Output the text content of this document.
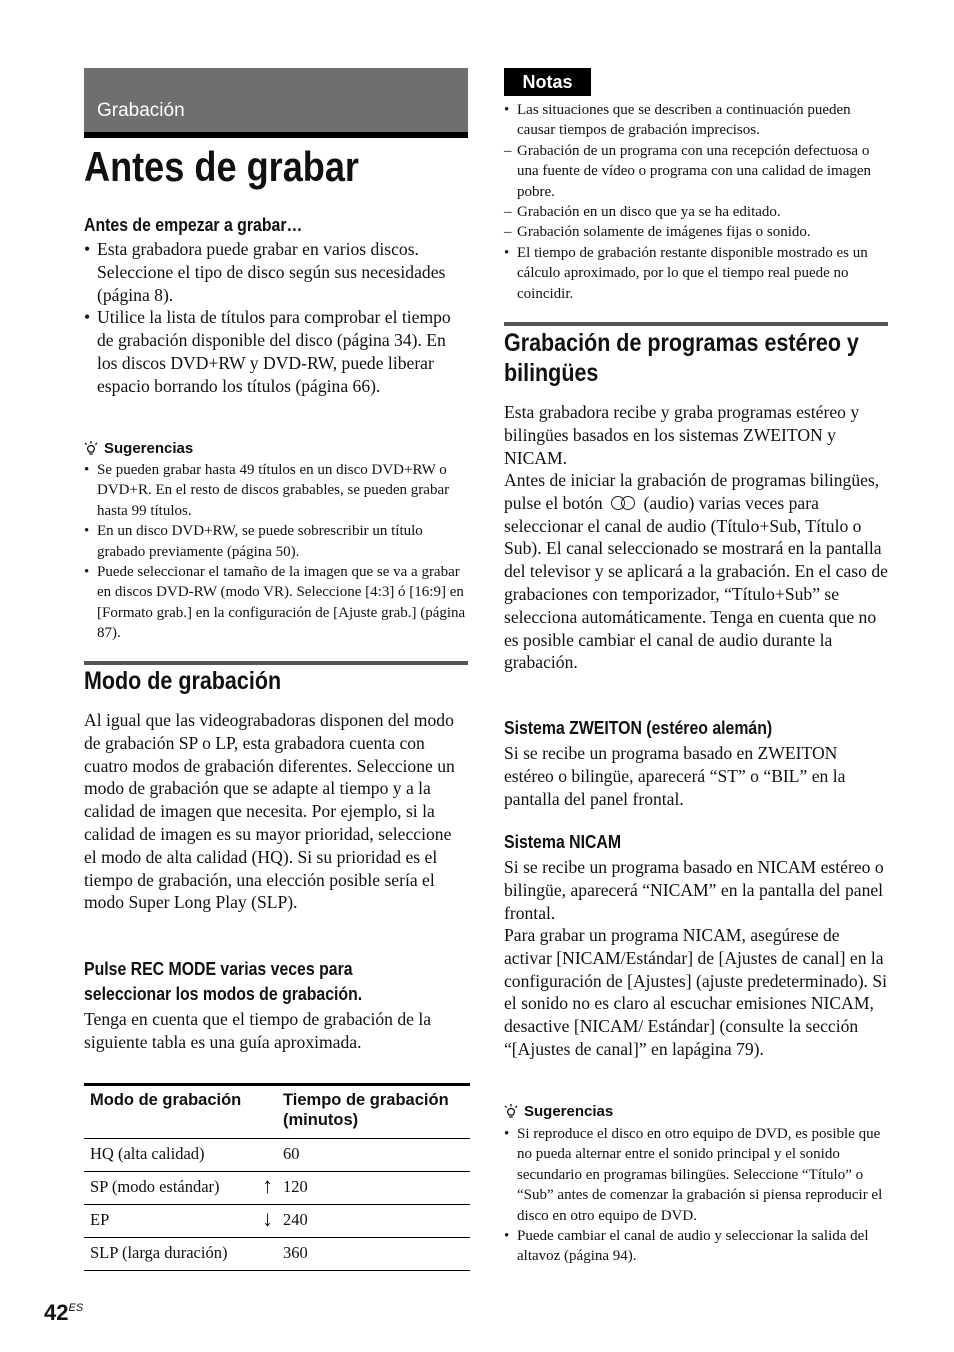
Grabación
Antes de grabar
Antes de empezar a grabar…
• Esta grabadora puede grabar en varios discos. Seleccione el tipo de disco según sus necesidades (página 8).
• Utilice la lista de títulos para comprobar el tiempo de grabación disponible del disco (página 34). En los discos DVD+RW y DVD-RW, puede liberar espacio borrando los títulos (página 66).
Sugerencias
• Se pueden grabar hasta 49 títulos en un disco DVD+RW o DVD+R. En el resto de discos grabables, se pueden grabar hasta 99 títulos.
• En un disco DVD+RW, se puede sobrescribir un título grabado previamente (página 50).
• Puede seleccionar el tamaño de la imagen que se va a grabar en discos DVD-RW (modo VR). Seleccione [4:3] ó [16:9] en [Formato grab.] en la configuración de [Ajuste grab.] (página 87).
Modo de grabación

Al igual que las videograbadoras disponen del modo de grabación SP o LP, esta grabadora cuenta con cuatro modos de grabación diferentes. Seleccione un modo de grabación que se adapte al tiempo y a la calidad de imagen que necesita. Por ejemplo, si la calidad de imagen es su mayor prioridad, seleccione el modo de alta calidad (HQ). Si su prioridad es el tiempo de grabación, una elección posible sería el modo Super Long Play (SLP).

Pulse REC MODE varias veces para
seleccionar los modos de grabación.

Tenga en cuenta que el tiempo de grabación de la siguiente tabla es una guía aproximada.

Modo de grabación	Tiempo de grabación (minutos)
HQ (alta calidad)	60
SP (modo estándar) ↑	120
EP ↓	240
SLP (larga duración)	360
Notas
• Las situaciones que se describen a continuación pueden causar tiempos de grabación imprecisos.
– Grabación de un programa con una recepción defectuosa o una fuente de vídeo o programa con una calidad de imagen pobre.
– Grabación en un disco que ya se ha editado.
– Grabación solamente de imágenes fijas o sonido.
• El tiempo de grabación restante disponible mostrado es un cálculo aproximado, por lo que el tiempo real puede no coincidir.
Grabación de programas estéreo y
bilingües

Esta grabadora recibe y graba programas estéreo y bilingües basados en los sistemas ZWEITON y NICAM.

Antes de iniciar la grabación de programas bilingües, pulse el botón (audio) varias veces para seleccionar el canal de audio (Título+Sub, Título o Sub). El canal seleccionado se mostrará en la pantalla del televisor y se aplicará a la grabación. En el caso de grabaciones con temporizador, “Título+Sub” se selecciona automáticamente. Tenga en cuenta que no es posible cambiar el canal de audio durante la grabación.

Sistema ZWEITON (estéreo alemán)

Si se recibe un programa basado en ZWEITON estéreo o bilingüe, aparecerá “ST” o “BIL” en la pantalla del panel frontal.

Sistema NICAM

Si se recibe un programa basado en NICAM estéreo o bilingüe, aparecerá “NICAM” en la pantalla del panel frontal.

Para grabar un programa NICAM, asegúrese de activar [NICAM/Estándar] de [Ajustes de canal] en la configuración de [Ajustes] (ajuste predeterminado). Si el sonido no es claro al escuchar emisiones NICAM, desactive [NICAM/ Estándar] (consulte la sección “[Ajustes de canal]” en lapágina 79).

Sugerencias
• Si reproduce el disco en otro equipo de DVD, es posible que no pueda alternar entre el sonido principal y el sonido secundario en programas bilingües. Seleccione “Título” o “Sub” antes de comenzar la grabación si piensa reproducir el disco en otro equipo de DVD.
• Puede cambiar el canal de audio y seleccionar la salida del altavoz (página 94).
$42^{ES}$
